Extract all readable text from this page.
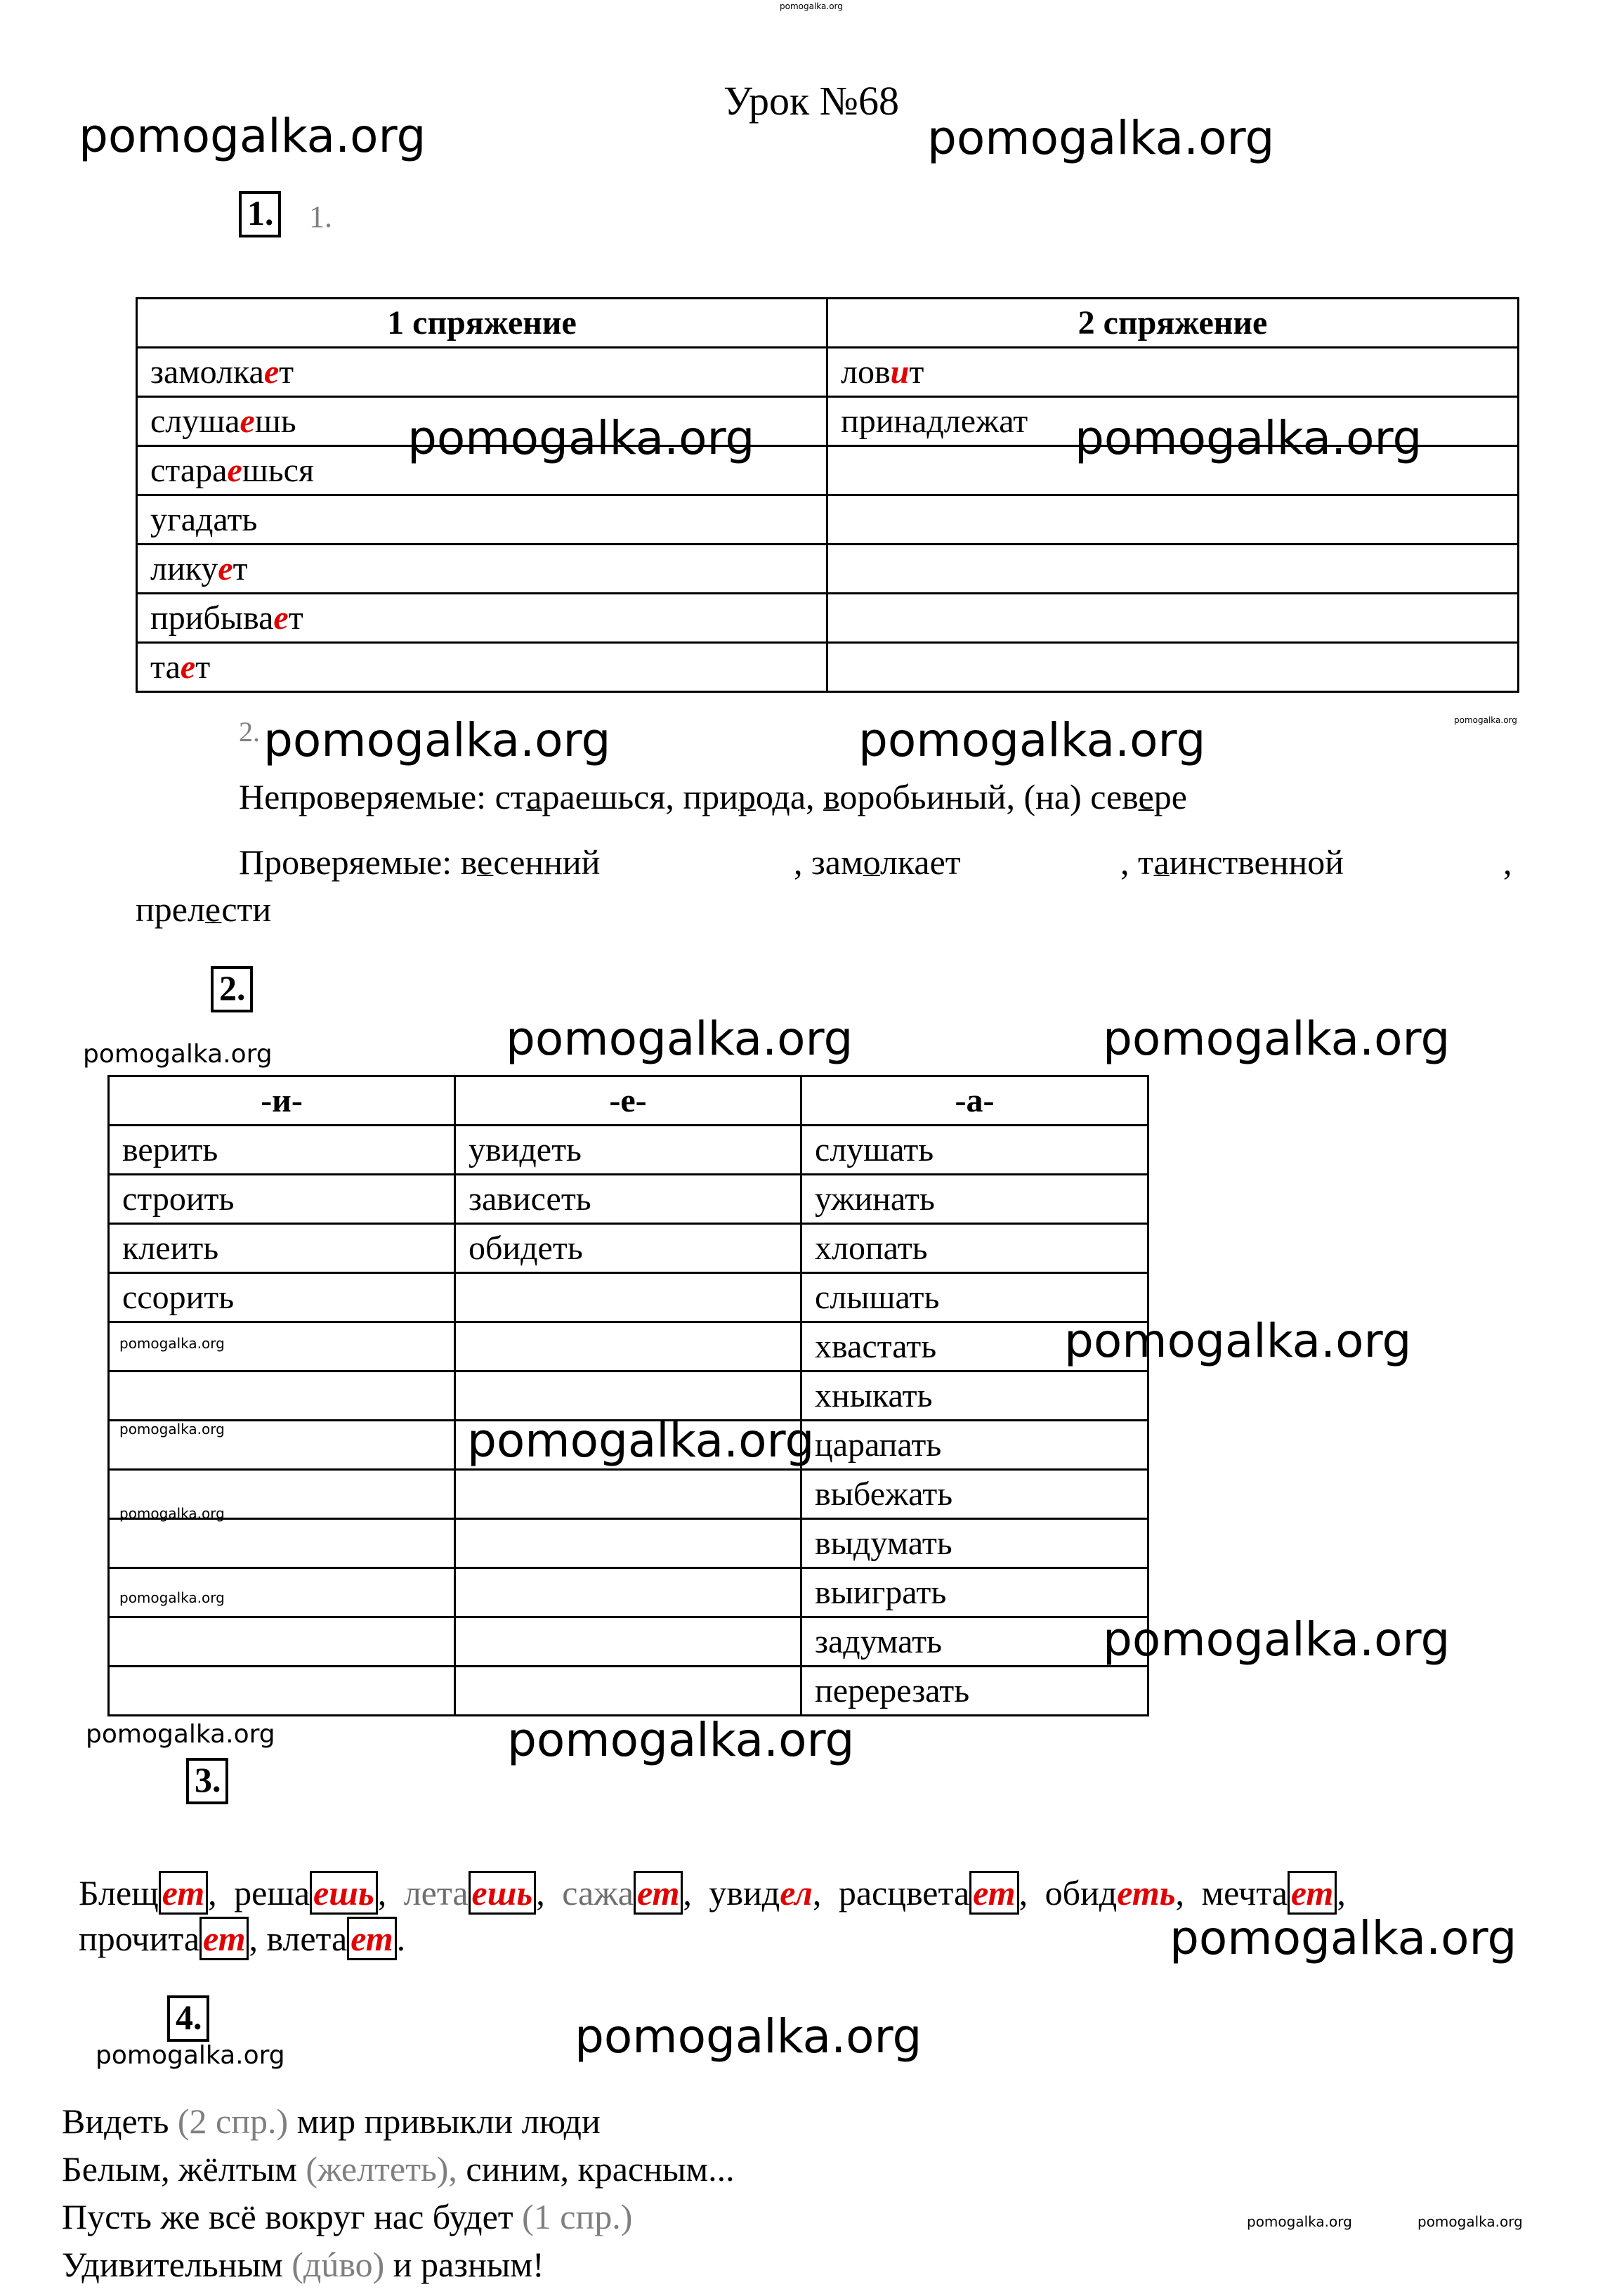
pomogalka.org
pomogalka.org	pomogalka.org
pomogalka.org	pomogalka.org
pomogalka.org	pomogalka.org	pomogalka.org
pomogalka.org	pomogalka.org	pomogalka.org
pomogalka.org	pomogalka.org
pomogalka.org	pomogalka.org
pomogalka.org
pomogalka.org
pomogalka.org
pomogalka.org	pomogalka.org
pomogalka.org
pomogalka.org	pomogalka.org
pomogalka.org	pomogalka.org
Урок №68
1. 1.
1 спряжение	2 спряжение
замолкает	ловит
слушаешь	принадлежат
стараешься	
угадать	
ликует	
прибывает	
тает	
2.
Непроверяемые: стараешься, природа, воробьиный, (на) севере
Проверяемые: весенний	, замолкает	, таинственной	,
прелести
2.
-и-	-е-	-а-
^ верить	увидеть	слушать
^ строить	зависеть	ужинать
^ клеить	обидеть	хлопать
^ ссорить		слышать
		хвастать
		хныкать
		царапать
		выбежать
		выдумать
		выиграть
		задумать
		перерезать
3.
Блещ ет , реша ешь , лета ешь , сажа ет , увидел, расцвета ет , обидеть, мечта ет ,
прочита ет , влета ет .
4.
Видеть (2 спр.) мир привыкли люди
Белым, жёлтым (желтеть), синим, красным...
Пусть же всё вокруг нас будет (1 спр.)
Удивительным (дúво) и разным!
